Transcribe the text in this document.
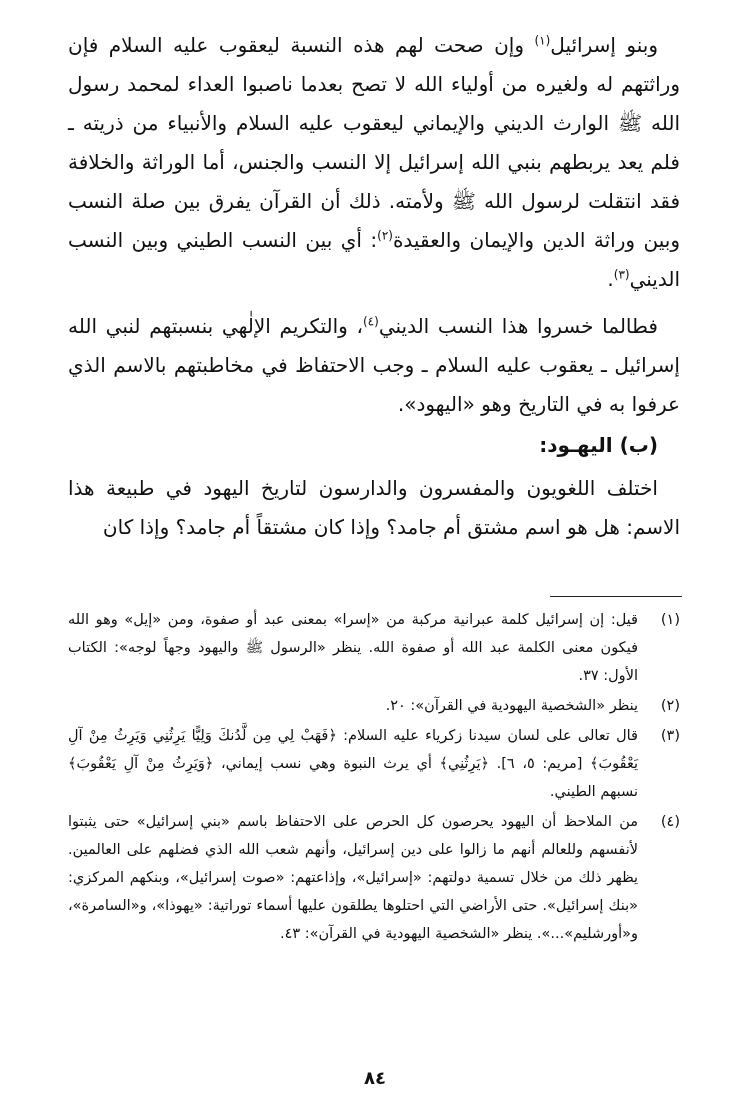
وبنو إسرائيل$^{(١)}$ وإن صحت لهم هذه النسبة ليعقوب عليه السلام فإن وراثتهم له ولغيره من أولياء الله لا تصح بعدما ناصبوا العداء لمحمد رسول الله ﷺ الوارث الديني والإيماني ليعقوب عليه السلام والأنبياء من ذريته ـ فلم يعد يربطهم بنبي الله إسرائيل إلا النسب والجنس، أما الوراثة والخلافة فقد انتقلت لرسول الله ﷺ ولأمته. ذلك أن القرآن يفرق بين صلة النسب وبين وراثة الدين والإيمان والعقيدة$^{(٢)}$: أي بين النسب الطيني وبين النسب الديني$^{(٣)}$.

فطالما خسروا هذا النسب الديني$^{(٤)}$، والتكريم الإلٰهي بنسبتهم لنبي الله إسرائيل ـ يعقوب عليه السلام ـ وجب الاحتفاظ في مخاطبتهم بالاسم الذي عرفوا به في التاريخ وهو «اليهود».

(ب) اليهـود:

اختلف اللغويون والمفسرون والدارسون لتاريخ اليهود في طبيعة هذا الاسم: هل هو اسم مشتق أم جامد؟ وإذا كان مشتقاً أم جامد؟ وإذا كان

(١)
قيل: إن إسرائيل كلمة عبرانية مركبة من «إسرا» بمعنى عبد أو صفوة، ومن «إيل» وهو الله فيكون معنى الكلمة عبد الله أو صفوة الله. ينظر «الرسول ﷺ واليهود وجهاً لوجه»: الكتاب الأول: ٣٧.
(٢)
ينظر «الشخصية اليهودية في القرآن»: ٢٠.
(٣)
قال تعالى على لسان سيدنا زكرياء عليه السلام: ﴿فَهَبْ لِي مِن لَّدُنكَ وَلِيًّا يَرِثُنِي وَيَرِثُ مِنْ آلِ يَعْقُوبَ﴾ [مريم: ٥، ٦]. ﴿يَرِثُنِي﴾ أي يرث النبوة وهي نسب إيماني، ﴿وَيَرِثُ مِنْ آلِ يَعْقُوبَ﴾ نسبهم الطيني.
(٤)
من الملاحظ أن اليهود يحرصون كل الحرص على الاحتفاظ باسم «بني إسرائيل» حتى يثبتوا لأنفسهم وللعالم أنهم ما زالوا على دين إسرائيل، وأنهم شعب الله الذي فضلهم على العالمين. يظهر ذلك من خلال تسمية دولتهم: «إسرائيل»، وإذاعتهم: «صوت إسرائيل»، وبنكهم المركزي: «بنك إسرائيل». حتى الأراضي التي احتلوها يطلقون عليها أسماء توراتية: «يهوذا»، و«السامرة»، و«أورشليم»...». ينظر «الشخصية اليهودية في القرآن»: ٤٣.
٨٤
